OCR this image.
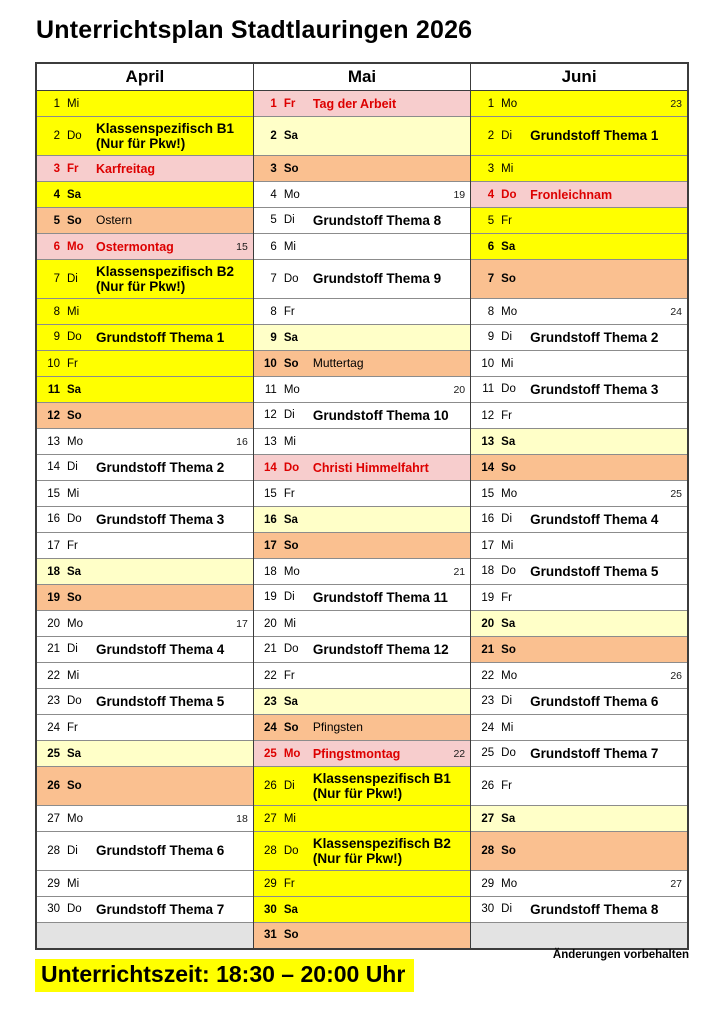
Unterrichtsplan Stadtlauringen 2026
April	Mai	Juni

1 Mi	1 Fr Tag der Arbeit	1 Mo 23

2 Do
Klassenspezifisch B1
(Nur für Pkw!)	2 Sa	2 Di Grundstoff Thema 1

3 Fr Karfreitag	3 So	3 Mi

4 Sa	4 Mo 19	4 Do Fronleichnam

5 So Ostern	5 Di Grundstoff Thema 8	5 Fr

6 Mo Ostermontag 15	6 Mi	6 Sa

7 Di
Klassenspezifisch B2
(Nur für Pkw!)	7 Do Grundstoff Thema 9	7 So

8 Mi	8 Fr	8 Mo 24

9 Do Grundstoff Thema 1	9 Sa	9 Di Grundstoff Thema 2

10 Fr	10 So Muttertag	10 Mi

11 Sa	11 Mo 20	11 Do Grundstoff Thema 3

12 So	12 Di Grundstoff Thema 10	12 Fr

13 Mo 16	13 Mi	13 Sa

14 Di Grundstoff Thema 2	14 Do Christi Himmelfahrt	14 So

15 Mi	15 Fr	15 Mo 25

16 Do Grundstoff Thema 3	16 Sa	16 Di Grundstoff Thema 4

17 Fr	17 So	17 Mi

18 Sa	18 Mo 21	18 Do Grundstoff Thema 5

19 So	19 Di Grundstoff Thema 11	19 Fr

20 Mo 17	20 Mi	20 Sa

21 Di Grundstoff Thema 4	21 Do Grundstoff Thema 12	21 So

22 Mi	22 Fr	22 Mo 26

23 Do Grundstoff Thema 5	23 Sa	23 Di Grundstoff Thema 6

24 Fr	24 So Pfingsten	24 Mi

25 Sa	25 Mo Pfingstmontag 22	25 Do Grundstoff Thema 7

26 So	26 Di
Klassenspezifisch B1
(Nur für Pkw!)	26 Fr

27 Mo 18	27 Mi	27 Sa

28 Di Grundstoff Thema 6	28 Do
Klassenspezifisch B2
(Nur für Pkw!)	28 So

29 Mi	29 Fr	29 Mo 27

30 Do Grundstoff Thema 7	30 Sa	30 Di Grundstoff Thema 8

	31 So	

Änderungen vorbehalten
Unterrichtszeit: 18:30 – 20:00 Uhr
